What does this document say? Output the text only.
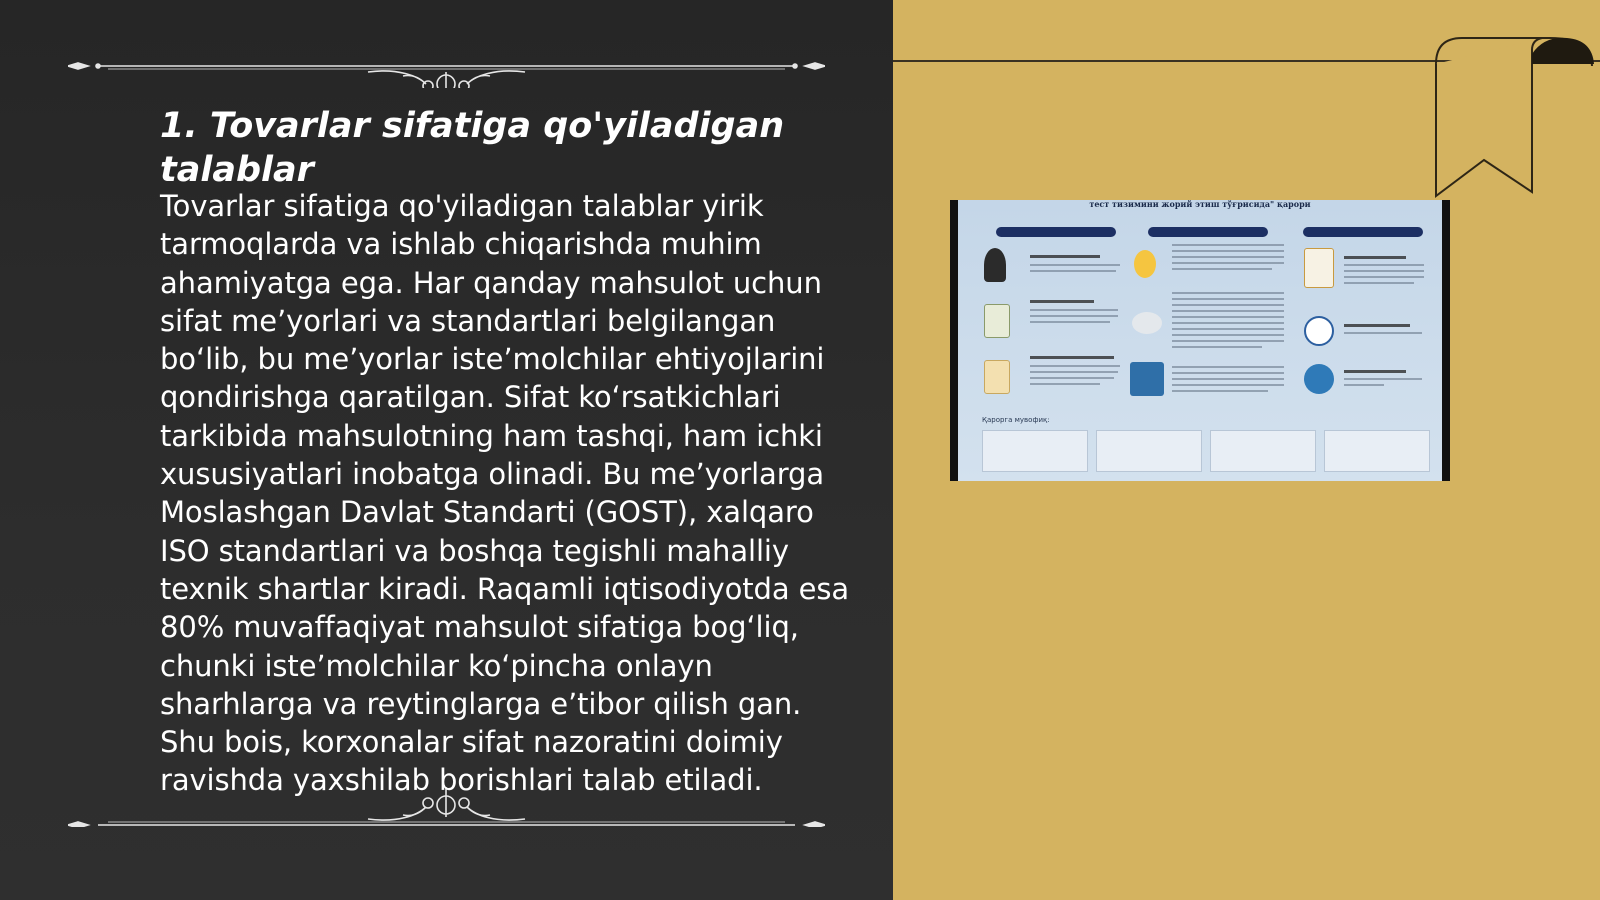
1. Tovarlar sifatiga qo'yiladigan talablar

Tovarlar sifatiga qo'yiladigan talablar yirik tarmoqlarda va ishlab chiqarishda muhim ahamiyatga ega. Har qanday mahsulot uchun sifat me’yorlari va standartlari belgilangan bo‘lib, bu me’yorlar iste’molchilar ehtiyojlarini qondirishga qaratilgan. Sifat ko‘rsatkichlari tarkibida mahsulotning ham tashqi, ham ichki xususiyatlari inobatga olinadi. Bu me’yorlarga Moslashgan Davlat Standarti (GOST), xalqaro ISO standartlari va boshqa tegishli mahalliy texnik shartlar kiradi. Raqamli iqtisodiyotda esa 80% muvaffaqiyat mahsulot sifatiga bog‘liq, chunki iste’molchilar ko‘pincha onlayn sharhlarga va reytinglarga e’tibor qilish gan. Shu bois, korxonalar sifat nazoratini doimiy ravishda yaxshilab borishlari talab etiladi.

тест тизимини жорий этиш тўғрисида" қарори
Қарорга мувофиқ:
